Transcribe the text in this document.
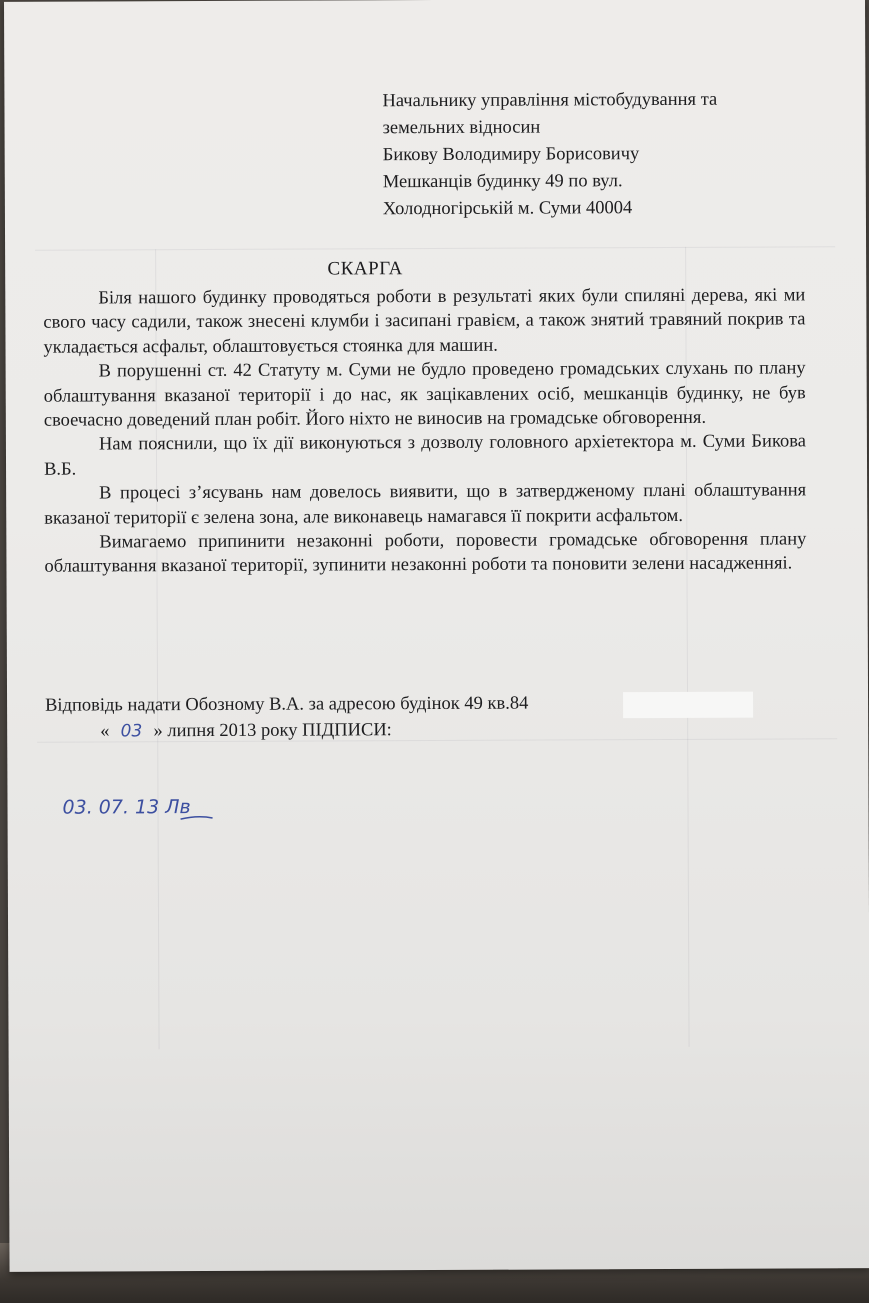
Начальнику управління містобудування та
земельних відносин
Бикову Володимиру Борисовичу
Мешканців будинку 49 по вул.
Холодногірській м. Суми 40004
СКАРГА

Біля нашого будинку проводяться роботи в результаті яких були спиляні дерева, які ми свого часу садили, також знесені клумби і засипані гравієм, а також знятий травяний покрив та укладається асфальт, облаштовується стоянка для машин.

В порушенні ст. 42 Статуту м. Суми не будло проведено громадських слухань по плану облаштування вказаної території і до нас, як зацікавлених осіб, мешканців будинку, не був своечасно доведений план робіт. Його ніхто не виносив на громадське обговорення.

Нам пояснили, що їх дії виконуються з дозволу головного архіетектора м. Суми Бикова В.Б.

В процесі з’ясувань нам довелось виявити, що в затвердженому плані облаштування вказаної території є зелена зона, але виконавець намагався її покрити асфальтом.

Вимагаемо припинити незаконні роботи, поровести громадське обговорення плану облаштування вказаної території, зупинити незаконні роботи та поновити зелени насадженняі.

Відповідь надати Обозному В.А. за адресою будінок 49 кв.84
« 03 » липня 2013 року ПІДПИСИ:
03. 07. 13 Лв
